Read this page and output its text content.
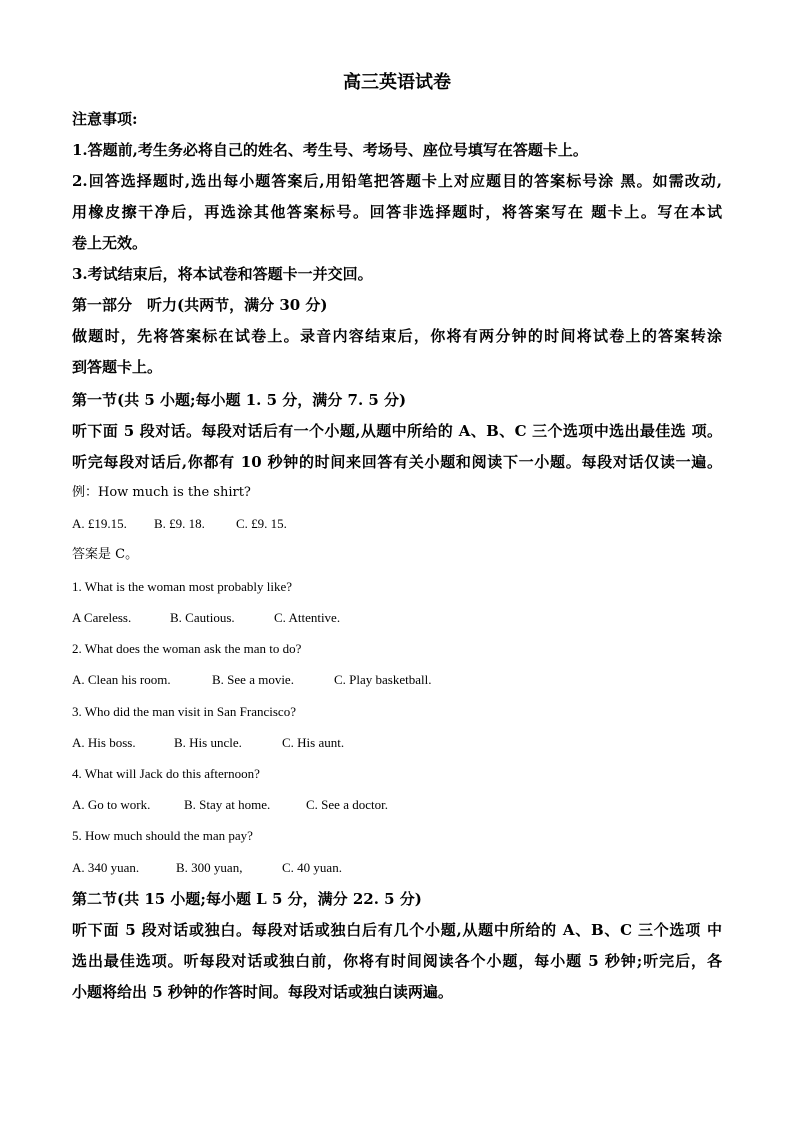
高三英语试卷
注意事项:
1.答题前,考生务必将自己的姓名、考生号、考场号、座位号填写在答题卡上。
2.回答选择题时,选出每小题答案后,用铅笔把答题卡上对应题目的答案标号涂 黑。如需改动,
用橡皮擦干净后，再选涂其他答案标号。回答非选择题时，将答案写在 题卡上。写在本试
卷上无效。
3.考试结束后，将本试卷和答题卡一并交回。
第一部分　听力(共两节，满分 30 分)
做题时，先将答案标在试卷上。录音内容结束后，你将有两分钟的时间将试卷上的答案转涂
到答题卡上。
第一节(共 5 小题;每小题 1. 5 分，满分 7. 5 分)
听下面 5 段对话。每段对话后有一个小题,从题中所给的 A、B、C 三个选项中选出最佳选 项。
听完每段对话后,你都有 10 秒钟的时间来回答有关小题和阅读下一小题。每段对话仅读一遍。
例：How much is the shirt?
A. £19.15.	B. £9. 18.	C. £9. 15.
答案是 C。
1. What is the woman most probably like?
A Careless.	B. Cautious.	C. Attentive.
2. What does the woman ask the man to do?
A. Clean his room.	B. See a movie.	C. Play basketball.
3. Who did the man visit in San Francisco?
A. His boss.	B. His uncle.	C. His aunt.
4. What will Jack do this afternoon?
A. Go to work.	B. Stay at home.	C. See a doctor.
5. How much should the man pay?
A. 340 yuan.	B. 300 yuan,	C. 40 yuan.
第二节(共 15 小题;每小题 L 5 分，满分 22. 5 分)
听下面 5 段对话或独白。每段对话或独白后有几个小题,从题中所给的 A、B、C 三个选项 中
选出最佳选项。听每段对话或独白前，你将有时间阅读各个小题，每小题 5 秒钟;听完后，各
小题将给出 5 秒钟的作答时间。每段对话或独白读两遍。
